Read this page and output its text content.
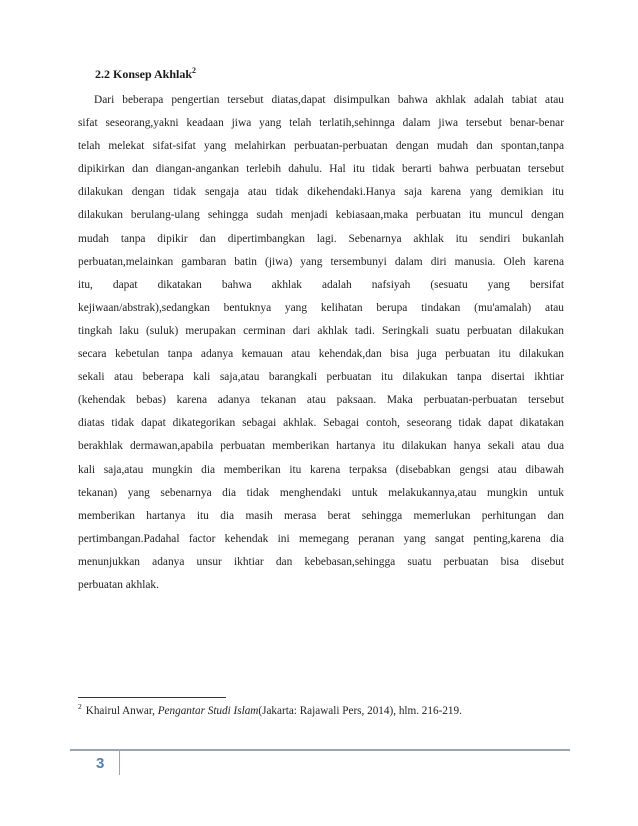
2.2 Konsep Akhlak$^2$
Dari beberapa pengertian tersebut diatas,dapat disimpulkan bahwa akhlak adalah tabiat atau
sifat seseorang,yakni keadaan jiwa yang telah terlatih,sehinnga dalam jiwa tersebut benar-benar
telah melekat sifat-sifat yang melahirkan perbuatan-perbuatan dengan mudah dan spontan,tanpa
dipikirkan dan diangan-angankan terlebih dahulu. Hal itu tidak berarti bahwa perbuatan tersebut
dilakukan dengan tidak sengaja atau tidak dikehendaki.Hanya saja karena yang demikian itu
dilakukan berulang-ulang sehingga sudah menjadi kebiasaan,maka perbuatan itu muncul dengan
mudah tanpa dipikir dan dipertimbangkan lagi. Sebenarnya akhlak itu sendiri bukanlah
perbuatan,melainkan gambaran batin (jiwa) yang tersembunyi dalam diri manusia. Oleh karena
itu, dapat dikatakan bahwa akhlak adalah nafsiyah (sesuatu yang bersifat
kejiwaan/abstrak),sedangkan bentuknya yang kelihatan berupa tindakan (mu'amalah) atau
tingkah laku (suluk) merupakan cerminan dari akhlak tadi. Seringkali suatu perbuatan dilakukan
secara kebetulan tanpa adanya kemauan atau kehendak,dan bisa juga perbuatan itu dilakukan
sekali atau beberapa kali saja,atau barangkali perbuatan itu dilakukan tanpa disertai ikhtiar
(kehendak bebas) karena adanya tekanan atau paksaan. Maka perbuatan-perbuatan tersebut
diatas tidak dapat dikategorikan sebagai akhlak. Sebagai contoh, seseorang tidak dapat dikatakan
berakhlak dermawan,apabila perbuatan memberikan hartanya itu dilakukan hanya sekali atau dua
kali saja,atau mungkin dia memberikan itu karena terpaksa (disebabkan gengsi atau dibawah
tekanan) yang sebenarnya dia tidak menghendaki untuk melakukannya,atau mungkin untuk
memberikan hartanya itu dia masih merasa berat sehingga memerlukan perhitungan dan
pertimbangan.Padahal factor kehendak ini memegang peranan yang sangat penting,karena dia
menunjukkan adanya unsur ikhtiar dan kebebasan,sehingga suatu perbuatan bisa disebut
perbuatan akhlak.
$^2$ Khairul Anwar, Pengantar Studi Islam(Jakarta: Rajawali Pers, 2014), hlm. 216-219.
3
